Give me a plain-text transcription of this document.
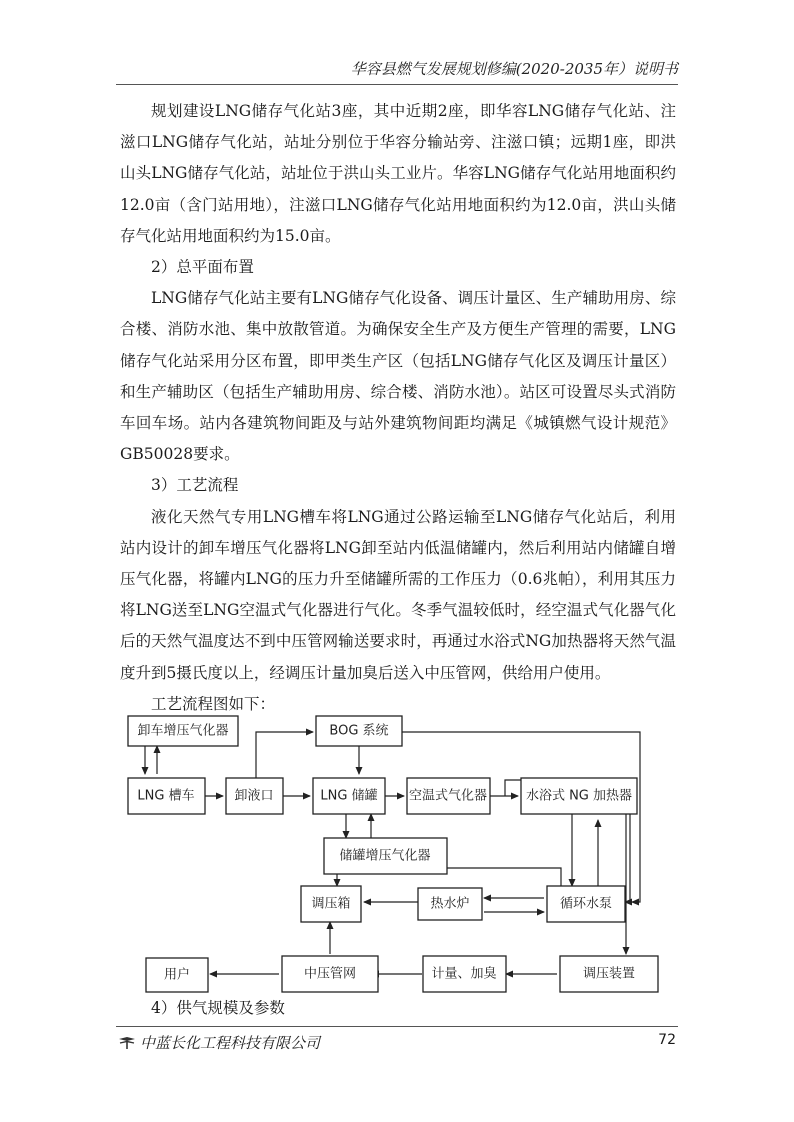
华容县燃气发展规划修编(2020-2035年）说明书

规划建设LNG储存气化站3座，其中近期2座，即华容LNG储存气化站、注滋口LNG储存气化站，站址分别位于华容分输站旁、注滋口镇；远期1座，即洪山头LNG储存气化站，站址位于洪山头工业片。华容LNG储存气化站用地面积约12.0亩（含门站用地），注滋口LNG储存气化站用地面积约为12.0亩，洪山头储存气化站用地面积约为15.0亩。

2）总平面布置

LNG储存气化站主要有LNG储存气化设备、调压计量区、生产辅助用房、综合楼、消防水池、集中放散管道。为确保安全生产及方便生产管理的需要，LNG储存气化站采用分区布置，即甲类生产区（包括LNG储存气化区及调压计量区）和生产辅助区（包括生产辅助用房、综合楼、消防水池）。站区可设置尽头式消防车回车场。站内各建筑物间距及与站外建筑物间距均满足《城镇燃气设计规范》GB50028要求。

3）工艺流程

液化天然气专用LNG槽车将LNG通过公路运输至LNG储存气化站后，利用站内设计的卸车增压气化器将LNG卸至站内低温储罐内，然后利用站内储罐自增压气化器，将罐内LNG的压力升至储罐所需的工作压力（0.6兆帕），利用其压力将LNG送至LNG空温式气化器进行气化。冬季气温较低时，经空温式气化器气化后的天然气温度达不到中压管网输送要求时，再通过水浴式NG加热器将天然气温度升到5摄氏度以上，经调压计量加臭后送入中压管网，供给用户使用。

工艺流程图如下：

卸车增压气化器	BOG 系统
LNG 槽车	卸液口	LNG 储罐 空温式气化器	水浴式 NG 加热器
储罐增压气化器
调压箱	热水炉	循环水泵
用户	中压管网	计量、加臭	调压装置
4）供气规模及参数
中蓝长化工程科技有限公司	72
